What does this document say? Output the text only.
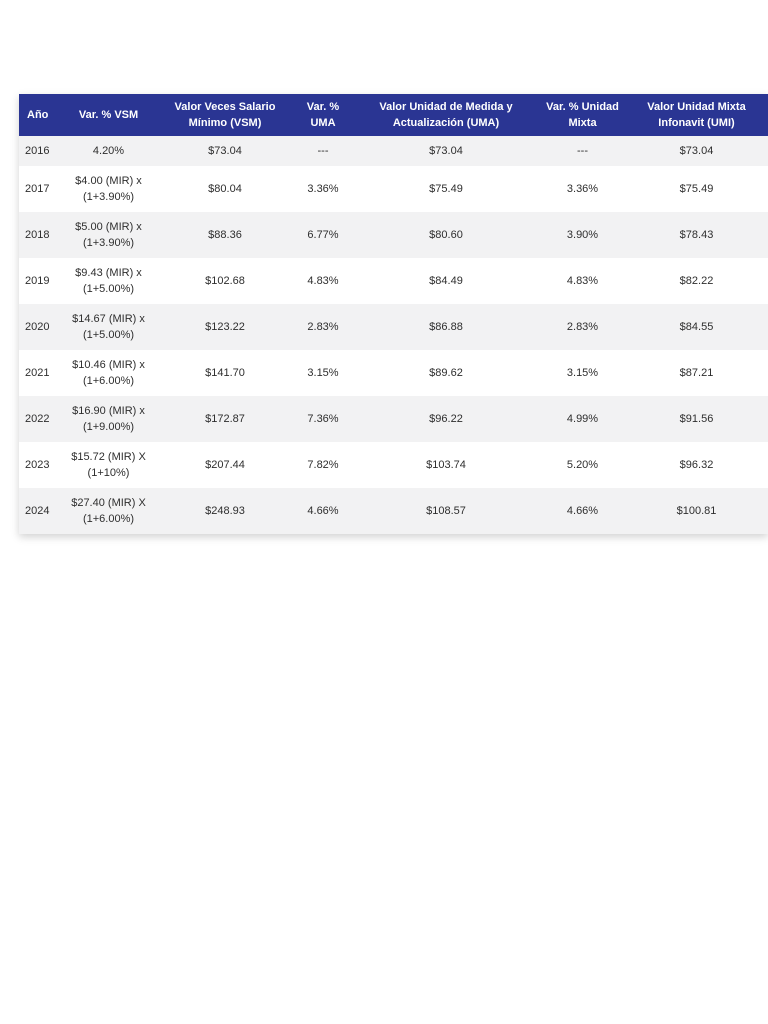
Año	Var. % VSM	Valor Veces Salario Mínimo (VSM)	Var. % UMA	Valor Unidad de Medida y Actualización (UMA)	Var. % Unidad Mixta	Valor Unidad Mixta Infonavit (UMI)
2016	4.20%	$73.04	---	$73.04	---	$73.04
2017	$4.00 (MIR) x (1+3.90%)	$80.04	3.36%	$75.49	3.36%	$75.49
2018	$5.00 (MIR) x (1+3.90%)	$88.36	6.77%	$80.60	3.90%	$78.43
2019	$9.43 (MIR) x (1+5.00%)	$102.68	4.83%	$84.49	4.83%	$82.22
2020	$14.67 (MIR) x (1+5.00%)	$123.22	2.83%	$86.88	2.83%	$84.55
2021	$10.46 (MIR) x (1+6.00%)	$141.70	3.15%	$89.62	3.15%	$87.21
2022	$16.90 (MIR) x (1+9.00%)	$172.87	7.36%	$96.22	4.99%	$91.56
2023	$15.72 (MIR) X (1+10%)	$207.44	7.82%	$103.74	5.20%	$96.32
2024	$27.40 (MIR) X (1+6.00%)	$248.93	4.66%	$108.57	4.66%	$100.81
